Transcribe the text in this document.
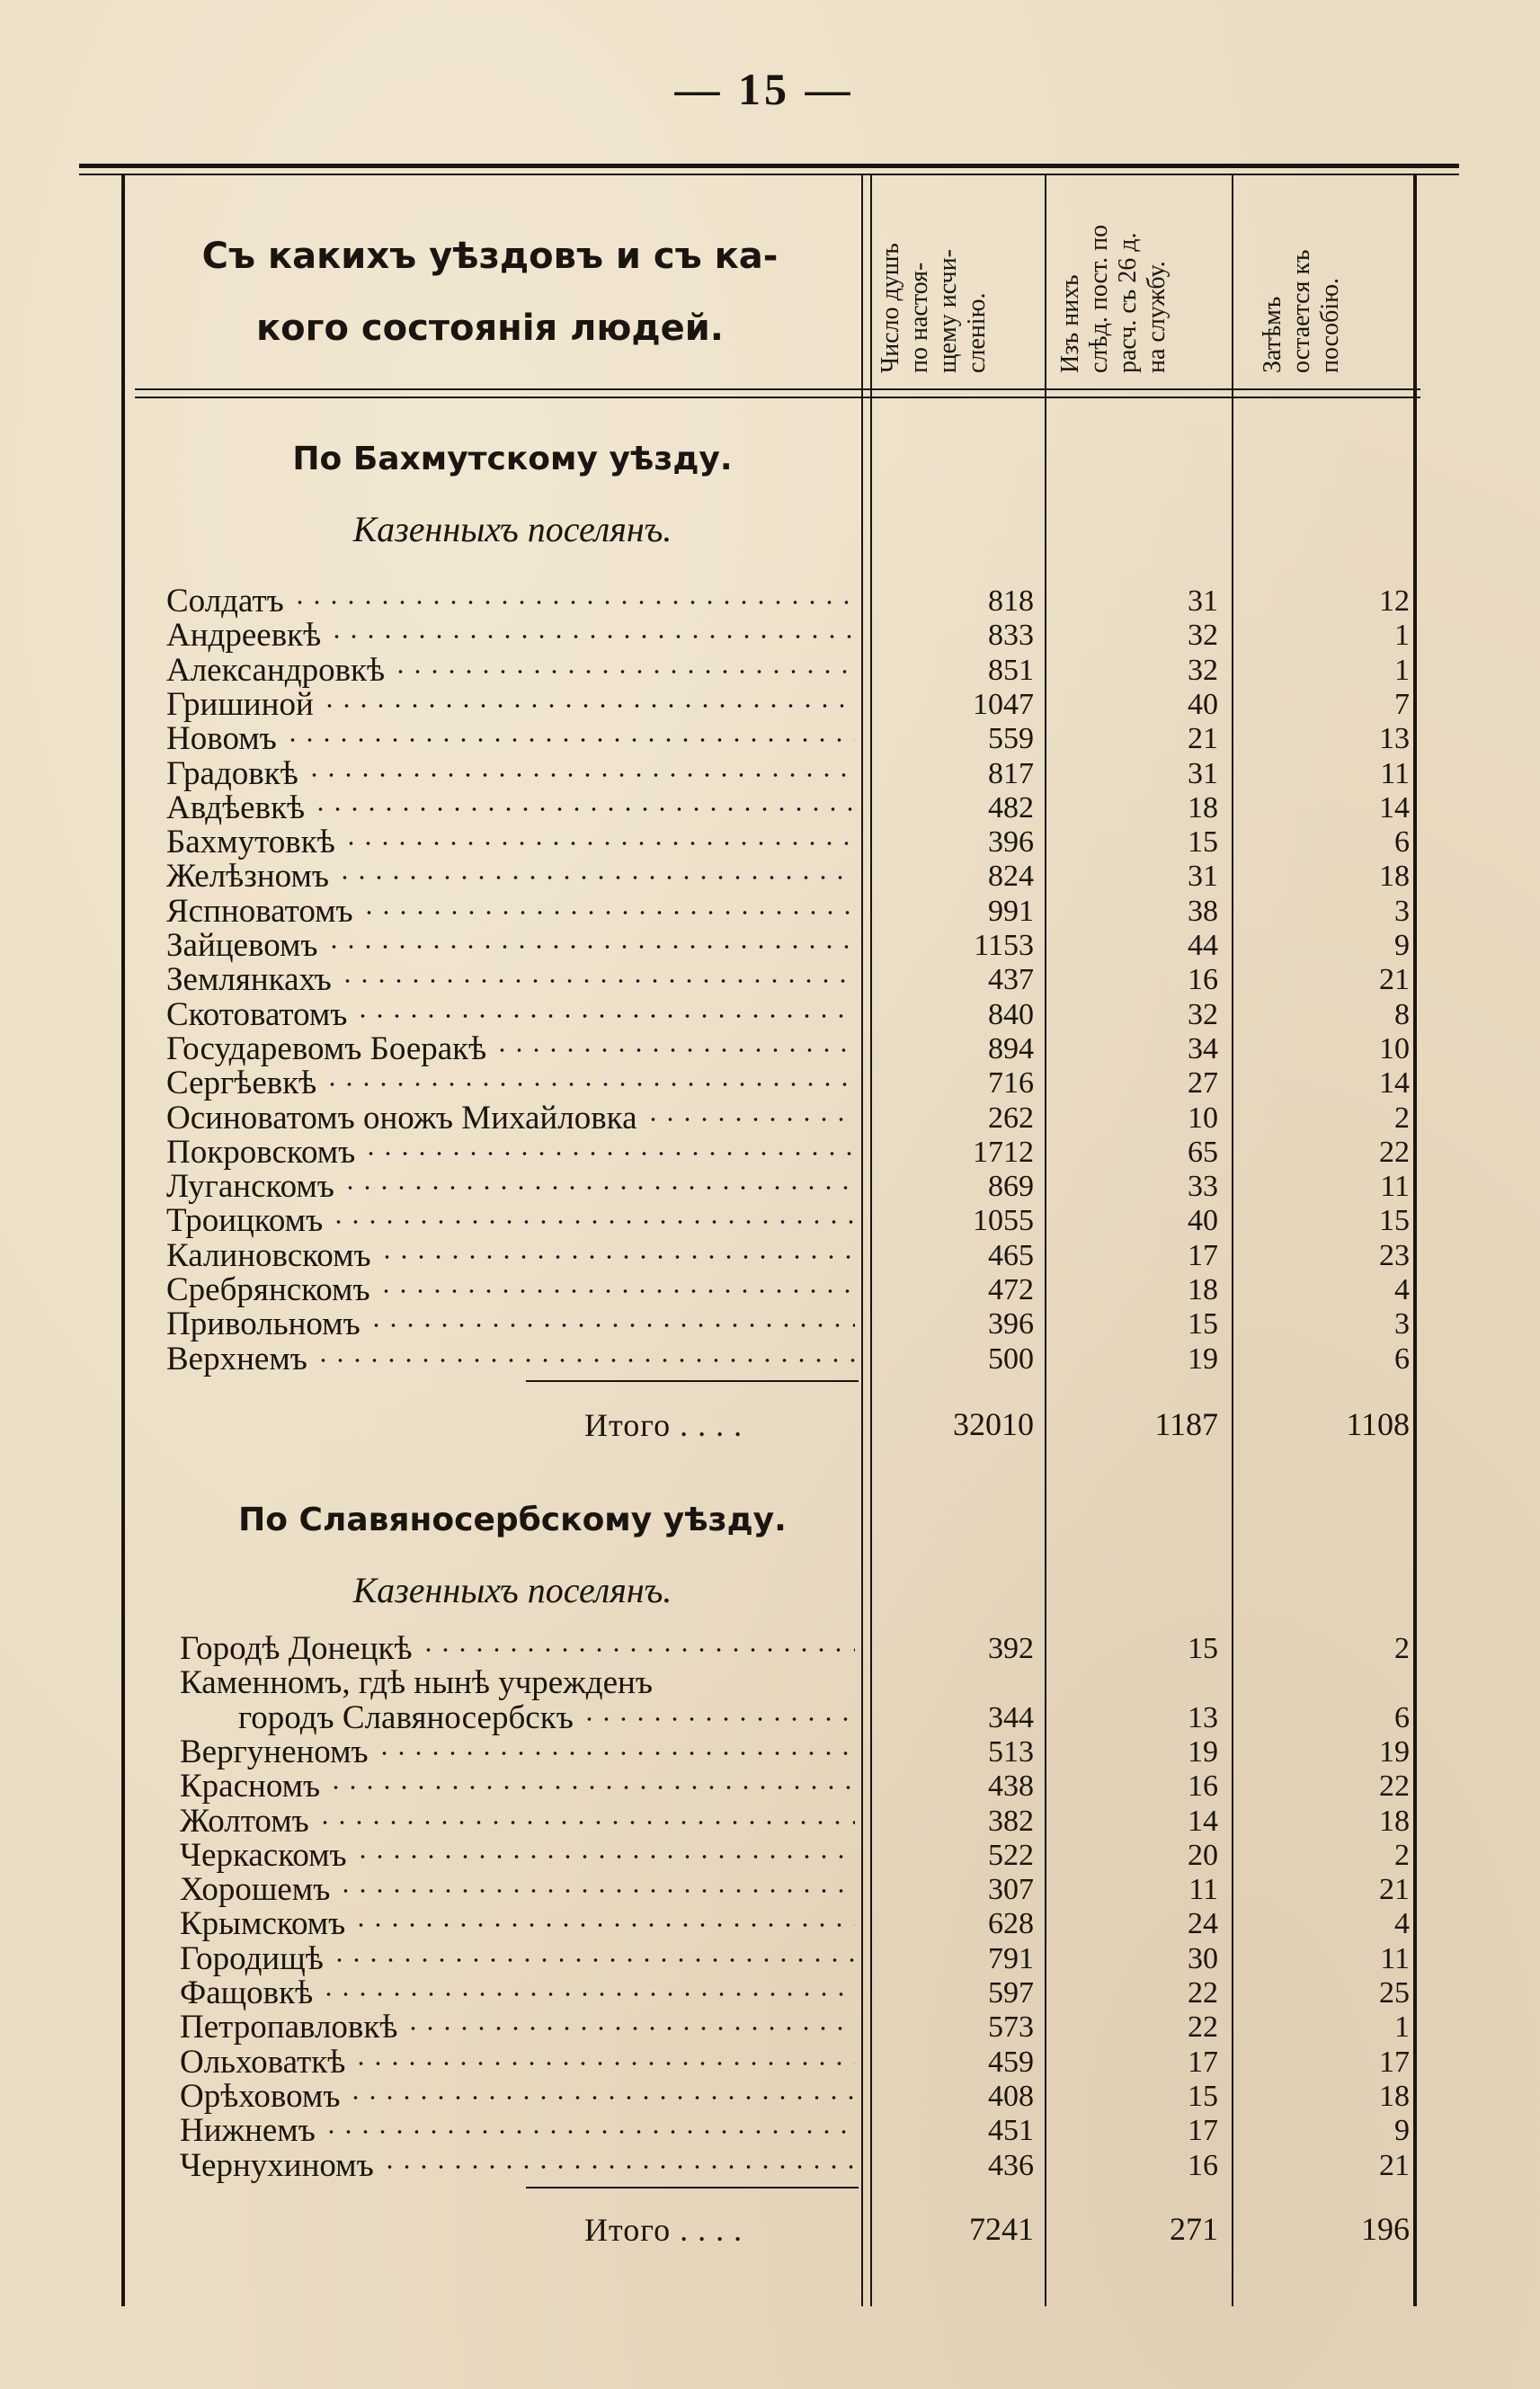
— 15 —
Съ какихъ уѣздовъ и съ ка-
кого состоянія людей.	Число душъ по настоя- щему исчи- сленію.	Изъ нихъ слѣд. пост. по расч. съ 26 д. на службу.	Затѣмъ остается къ пособію.
По Бахмутскому уѣзду.
Казенныхъ поселянъ.
Солдатъ	818	31	12
Андреевкѣ	833	32	1
Александровкѣ	851	32	1
Гришиной	1047	40	7
Новомъ	559	21	13
Градовкѣ	817	31	11
Авдѣевкѣ	482	18	14
Бахмутовкѣ	396	15	6
Желѣзномъ	824	31	18
Яспноватомъ	991	38	3
Зайцевомъ	1153	44	9
Землянкахъ	437	16	21
Скотоватомъ	840	32	8
Государевомъ Боеракѣ	894	34	10
Сергѣевкѣ	716	27	14
Осиноватомъ оножъ Михайловка	262	10	2
Покровскомъ	1712	65	22
Луганскомъ	869	33	11
Троицкомъ	1055	40	15
Калиновскомъ	465	17	23
Сребрянскомъ	472	18	4
Привольномъ	396	15	3
Верхнемъ	500	19	6
Итого . . . .	32010	1187	1108
По Славяносербскому уѣзду.
Казенныхъ поселянъ.
Городѣ Донецкѣ	392	15	2
Каменномъ, гдѣ нынѣ учрежденъ
городъ Славяносербскъ	344	13	6
Вергуненомъ	513	19	19
Красномъ	438	16	22
Жолтомъ	382	14	18
Черкаскомъ	522	20	2
Хорошемъ	307	11	21
Крымскомъ	628	24	4
Городищѣ	791	30	11
Фащовкѣ	597	22	25
Петропавловкѣ	573	22	1
Ольховаткѣ	459	17	17
Орѣховомъ	408	15	18
Нижнемъ	451	17	9
Чернухиномъ	436	16	21
Итого . . . .	7241	271	196
